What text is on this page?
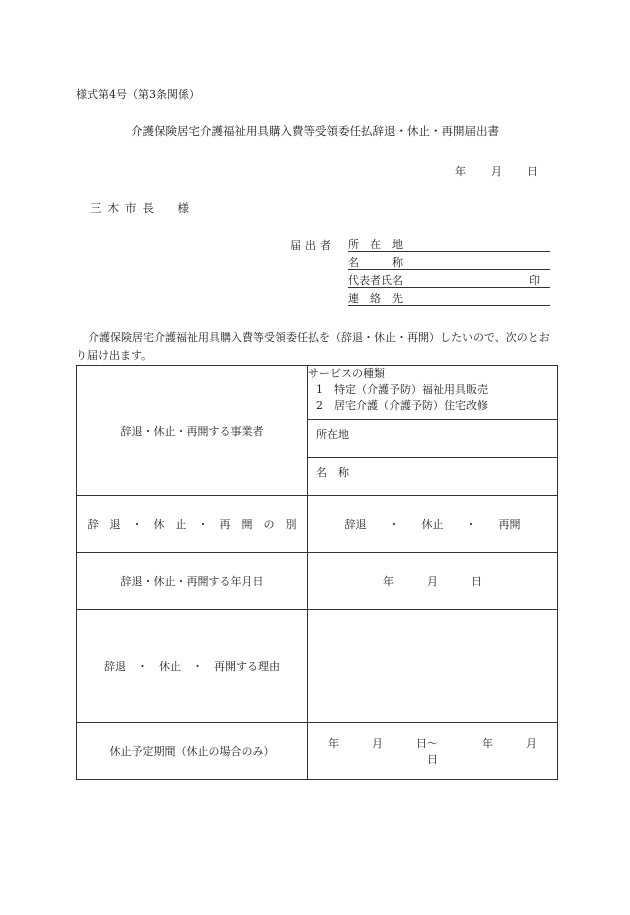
様式第4号（第3条関係）
介護保険居宅介護福祉用具購入費等受領委任払辞退・休止・再開届出書
年 月 日
三木市長　様
届出者 所　在　地
名　　　称
代表者氏名	印
連　絡　先
介護保険居宅介護福祉用具購入費等受領委任払を（辞退・休止・再開）したいので、次のとおり届け出ます。
辞退・休止・再開する事業者	サービスの種類
1　特定（介護予防）福祉用具販売
2　居宅介護（介護予防）住宅改修

	所在地
	名　称
辞　退　・　休　止　・　再　開　の　別	辞退　　・　　休止　　・　　再開
辞退・休止・再開する年月日	年　　　月　　　日
辞退　・　休止　・　再開する理由	
休止予定期間（休止の場合のみ）	年　　　月　　　日～　　　　年　　　月　　　日
